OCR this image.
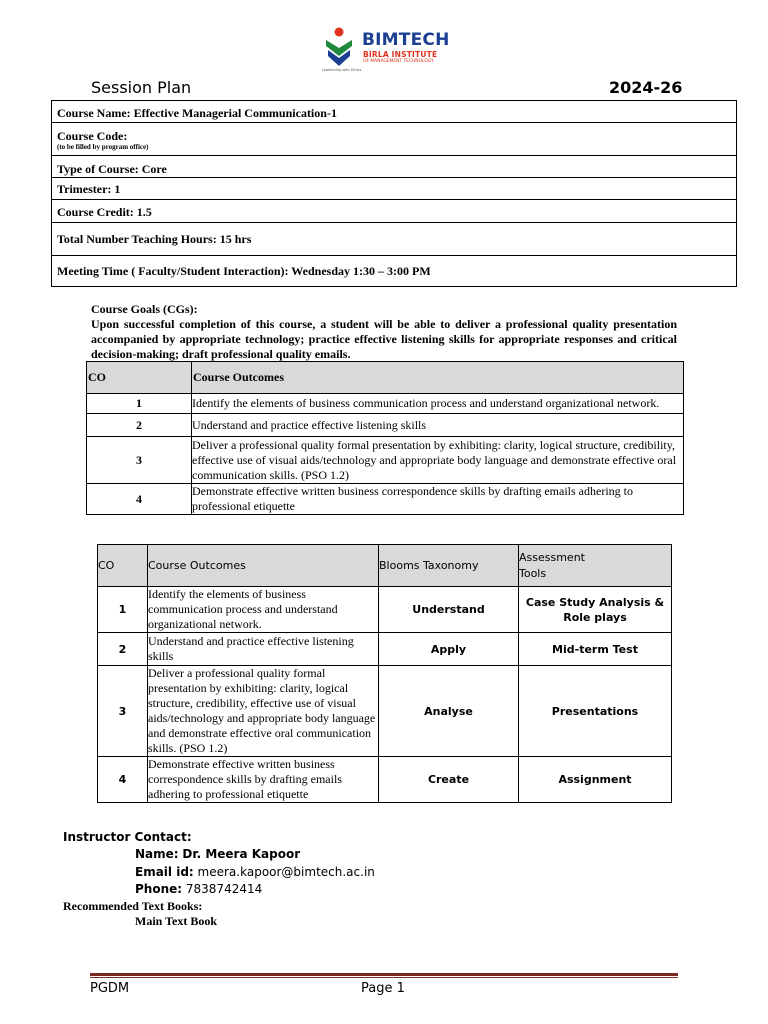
BIMTECH
BIRLA INSTITUTE
OF MANAGEMENT TECHNOLOGY
Leadership with Ethics
Session Plan	2024-26
Course Name: Effective Managerial Communication-1
Course Code:
(to be filled by program office)
Type of Course: Core
Trimester: 1
Course Credit: 1.5
Total Number Teaching Hours: 15 hrs
Meeting Time ( Faculty/Student Interaction): Wednesday 1:30 – 3:00 PM
Course Goals (CGs):
Upon successful completion of this course, a student will be able to deliver a professional quality presentation accompanied by appropriate technology; practice effective listening skills for appropriate responses and critical decision-making; draft professional quality emails.
CO	Course Outcomes
1	Identify the elements of business communication process and understand organizational network.
2	Understand and practice effective listening skills
3	Deliver a professional quality formal presentation by exhibiting: clarity, logical structure, credibility, effective use of visual aids/technology and appropriate body language and demonstrate effective oral communication skills. (PSO 1.2)
4	Demonstrate effective written business correspondence skills by drafting emails adhering to professional etiquette
CO	Course Outcomes	Blooms Taxonomy	Assessment
Tools
1	Identify the elements of business communication process and understand organizational network.	Understand	Case Study Analysis & Role plays
2	Understand and practice effective listening skills	Apply	Mid-term Test
3	Deliver a professional quality formal presentation by exhibiting: clarity, logical structure, credibility, effective use of visual aids/technology and appropriate body language and demonstrate effective oral communication skills. (PSO 1.2)	Analyse	Presentations
4	Demonstrate effective written business correspondence skills by drafting emails adhering to professional etiquette	Create	Assignment
Instructor Contact:
Name: Dr. Meera Kapoor
Email id: meera.kapoor@bimtech.ac.in
Phone: 7838742414
Recommended Text Books:
Main Text Book
PGDM	Page 1
